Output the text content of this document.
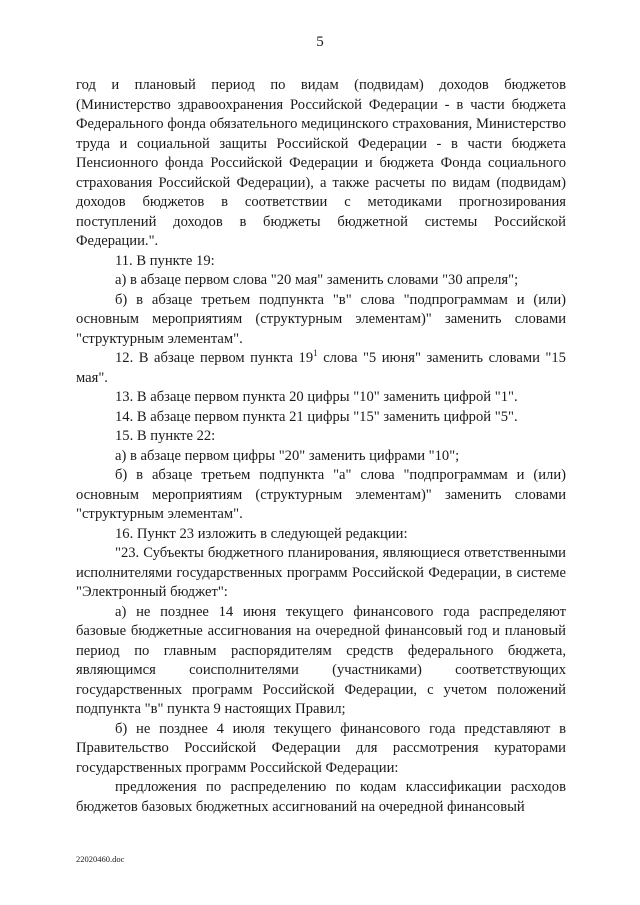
5

год и плановый период по видам (подвидам) доходов бюджетов (Министерство здравоохранения Российской Федерации - в части бюджета Федерального фонда обязательного медицинского страхования, Министерство труда и социальной защиты Российской Федерации - в части бюджета Пенсионного фонда Российской Федерации и бюджета Фонда социального страхования Российской Федерации), а также расчеты по видам (подвидам) доходов бюджетов в соответствии с методиками прогнозирования поступлений доходов в бюджеты бюджетной системы Российской Федерации.".

11. В пункте 19:

а) в абзаце первом слова "20 мая" заменить словами "30 апреля";

б) в абзаце третьем подпункта "в" слова "подпрограммам и (или) основным мероприятиям (структурным элементам)" заменить словами "структурным элементам".

12. В абзаце первом пункта $19^1$ слова "5 июня" заменить словами "15 мая".

13. В абзаце первом пункта 20 цифры "10" заменить цифрой "1".

14. В абзаце первом пункта 21 цифры "15" заменить цифрой "5".

15. В пункте 22:

а) в абзаце первом цифры "20" заменить цифрами "10";

б) в абзаце третьем подпункта "а" слова "подпрограммам и (или) основным мероприятиям (структурным элементам)" заменить словами "структурным элементам".

16. Пункт 23 изложить в следующей редакции:

"23. Субъекты бюджетного планирования, являющиеся ответственными исполнителями государственных программ Российской Федерации, в системе "Электронный бюджет":

а) не позднее 14 июня текущего финансового года распределяют базовые бюджетные ассигнования на очередной финансовый год и плановый период по главным распорядителям средств федерального бюджета, являющимся соисполнителями (участниками) соответствующих государственных программ Российской Федерации, с учетом положений подпункта "в" пункта 9 настоящих Правил;

б) не позднее 4 июля текущего финансового года представляют в Правительство Российской Федерации для рассмотрения кураторами государственных программ Российской Федерации:

предложения по распределению по кодам классификации расходов бюджетов базовых бюджетных ассигнований на очередной финансовый

22020460.doc
